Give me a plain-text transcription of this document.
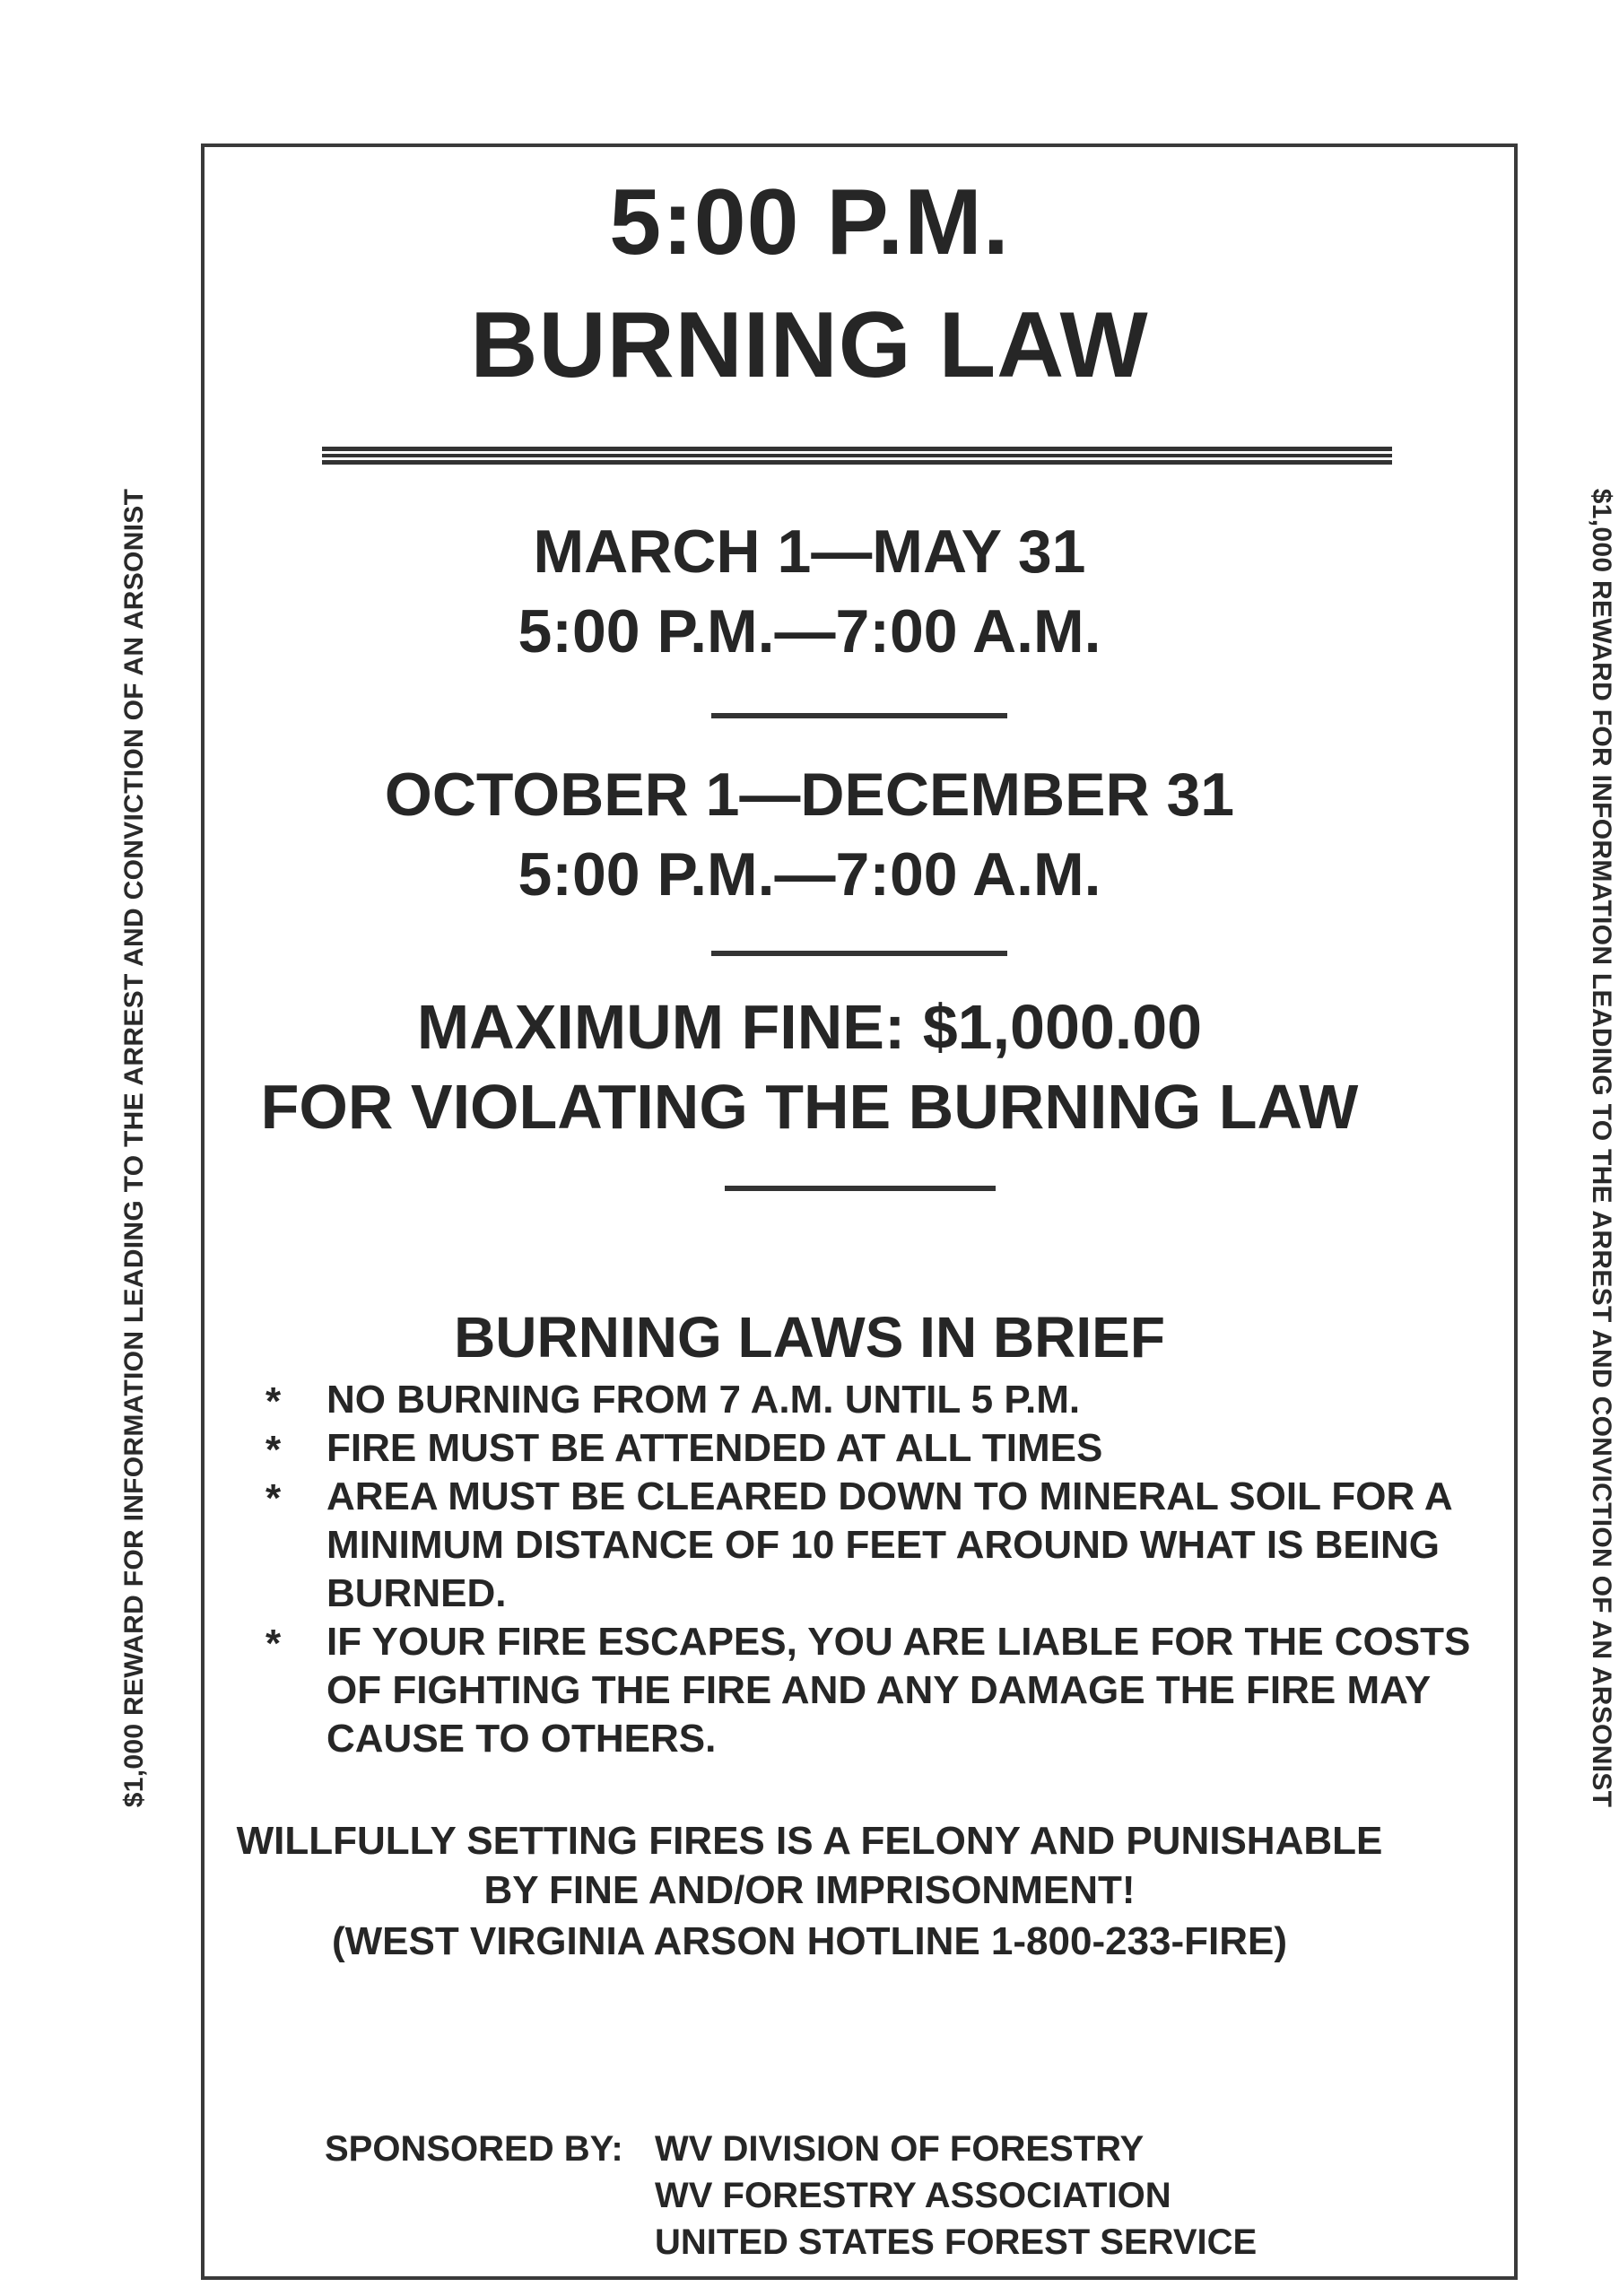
$1,000 REWARD FOR INFORMATION LEADING TO THE ARREST AND CONVICTION OF AN ARSONIST	$1,000 REWARD FOR INFORMATION LEADING TO THE ARREST AND CONVICTION OF AN ARSONIST
5:00 P.M.
BURNING LAW
MARCH 1—MAY 31
5:00 P.M.—7:00 A.M.
OCTOBER 1—DECEMBER 31
5:00 P.M.—7:00 A.M.
MAXIMUM FINE: $1,000.00
FOR VIOLATING THE BURNING LAW
BURNING LAWS IN BRIEF
*	NO BURNING FROM 7 A.M. UNTIL 5 P.M.
*	FIRE MUST BE ATTENDED AT ALL TIMES
*	AREA MUST BE CLEARED DOWN TO MINERAL SOIL FOR A MINIMUM DISTANCE OF 10 FEET AROUND WHAT IS BEING BURNED.
*	IF YOUR FIRE ESCAPES, YOU ARE LIABLE FOR THE COSTS OF FIGHTING THE FIRE AND ANY DAMAGE THE FIRE MAY CAUSE TO OTHERS.
WILLFULLY SETTING FIRES IS A FELONY AND PUNISHABLE
BY FINE AND/OR IMPRISONMENT!
(WEST VIRGINIA ARSON HOTLINE 1-800-233-FIRE)
SPONSORED BY: WV DIVISION OF FORESTRY
WV FORESTRY ASSOCIATION
UNITED STATES FOREST SERVICE
